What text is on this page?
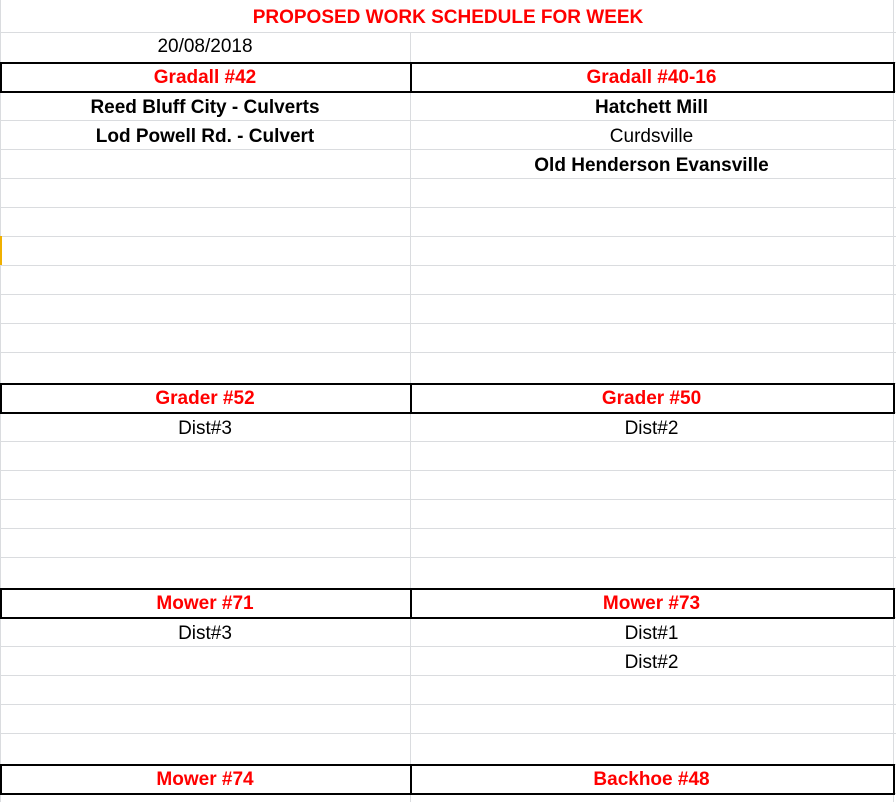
PROPOSED WORK SCHEDULE FOR WEEK
20/08/2018
Gradall #42
Reed Bluff City - Culverts
Lod Powell Rd. - Culvert
Gradall #40-16
Hatchett Mill
Curdsville
Old Henderson Evansville
Grader #52
Dist#3
Grader #50
Dist#2
Mower #71
Dist#3
Mower #73
Dist#1
Dist#2
Mower #74	Backhoe #48
